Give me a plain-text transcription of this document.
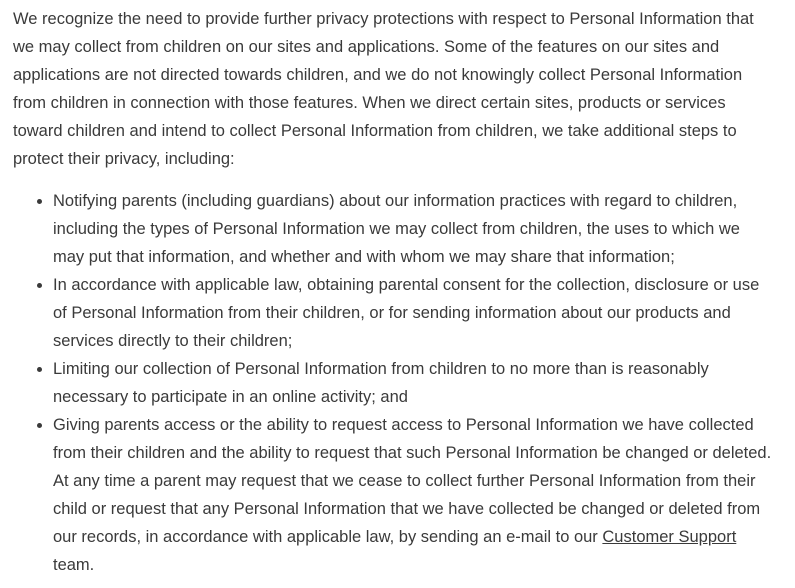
We recognize the need to provide further privacy protections with respect to Personal Information that we may collect from children on our sites and applications. Some of the features on our sites and applications are not directed towards children, and we do not knowingly collect Personal Information from children in connection with those features. When we direct certain sites, products or services toward children and intend to collect Personal Information from children, we take additional steps to protect their privacy, including:

• Notifying parents (including guardians) about our information practices with regard to children, including the types of Personal Information we may collect from children, the uses to which we may put that information, and whether and with whom we may share that information;
• In accordance with applicable law, obtaining parental consent for the collection, disclosure or use of Personal Information from their children, or for sending information about our products and services directly to their children;
• Limiting our collection of Personal Information from children to no more than is reasonably necessary to participate in an online activity; and
• Giving parents access or the ability to request access to Personal Information we have collected from their children and the ability to request that such Personal Information be changed or deleted. At any time a parent may request that we cease to collect further Personal Information from their child or request that any Personal Information that we have collected be changed or deleted from our records, in accordance with applicable law, by sending an e-mail to our Customer Support team.
